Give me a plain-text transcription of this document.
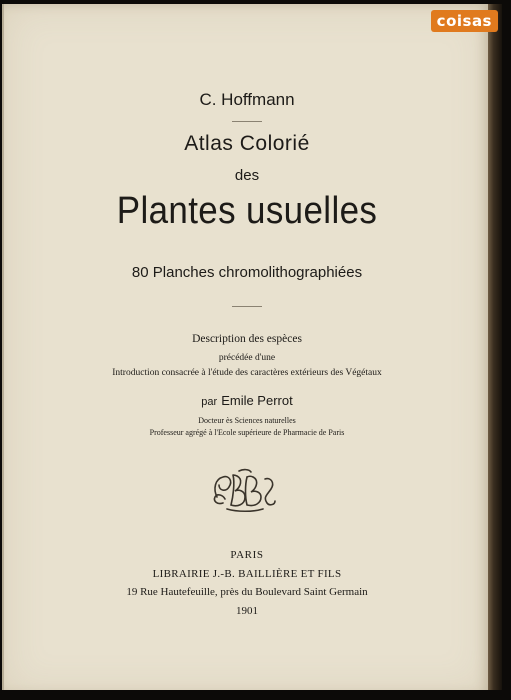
C. Hoffmann
Atlas Colorié
des
Plantes usuelles
80 Planches chromolithographiées
Description des espèces
précédée d'une
Introduction consacrée à l'étude des caractères extérieurs des Végétaux
par Emile Perrot
Docteur ès Sciences naturelles
Professeur agrégé à l'Ecole supérieure de Pharmacie de Paris
PARIS
LIBRAIRIE J.-B. BAILLIÈRE ET FILS
19 Rue Hautefeuille, près du Boulevard Saint Germain
1901
coisas
